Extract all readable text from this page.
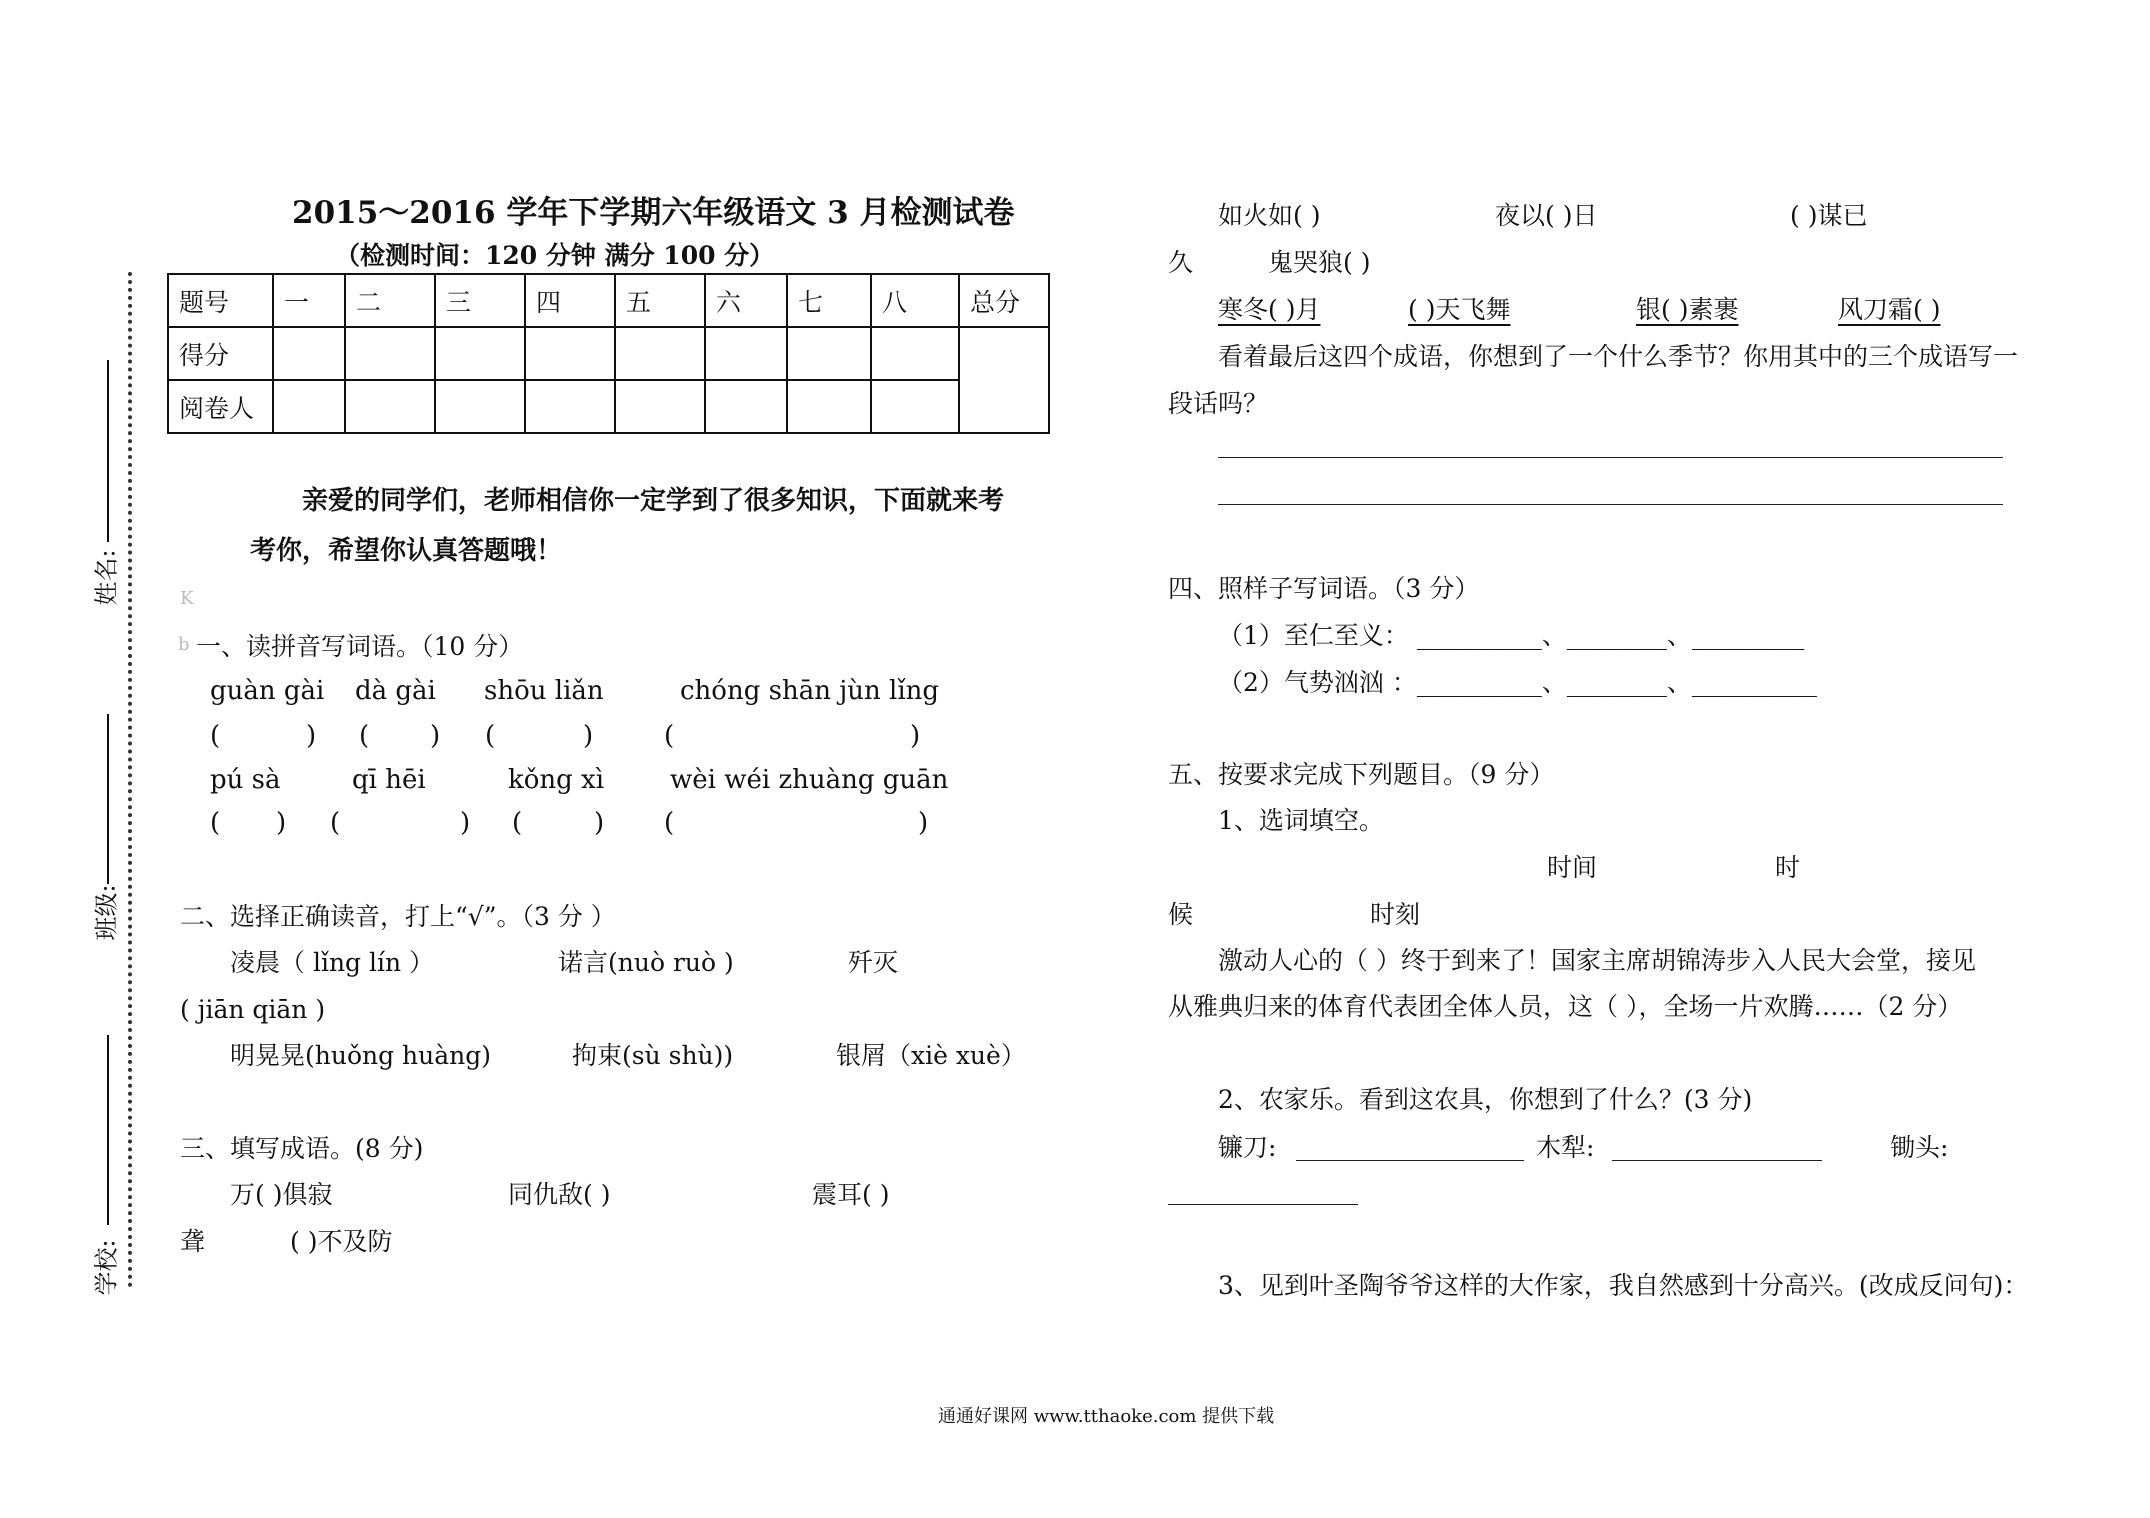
姓名:
班级:
学校:
2015～2016 学年下学期六年级语文 3 月检测试卷
（检测时间：120 分钟 满分 100 分）
题号	一	二	三	四	五	六	七	八	总分
得分									
阅卷人									
亲爱的同学们，老师相信你一定学到了很多知识，下面就来考
考你，希望你认真答题哦！
K
b 一、读拼音写词语。（10 分）
guàn gài dà gài shōu liǎn	chóng shān jùn lǐng
(	) ( ) (	)	(	)
pú sà	qī hēi	kǒng xì	wèi wéi zhuàng guān
( ) (	) (	) (	)
二、选择正确读音，打上“√”。（3 分 ）
凌晨（ lǐng lín ）	诺言(nuò ruò )	歼灭
( jiān qiān )
明晃晃(huǒng huàng)	拘束(sù shù))	银屑（xiè xuè）
三、填写成语。(8 分)
万( )俱寂	同仇敌( )	震耳( )
聋	( )不及防
如火如( )	夜以( )日	( )谋已
久	鬼哭狼( )
寒冬( )月	( )天飞舞	银( )素裹	风刀霜( )
看着最后这四个成语，你想到了一个什么季节？你用其中的三个成语写一
段话吗？
四、照样子写词语。（3 分）
（1）至仁至义： __________、________、_________
（2）气势汹汹 ：__________、________、__________
五、按要求完成下列题目。（9 分）
1、选词填空。
时间	时
候	时刻
激动人心的（ ）终于到来了！国家主席胡锦涛步入人民大会堂，接见
从雅典归来的体育代表团全体人员，这（ ），全场一片欢腾……（2 分）
2、农家乐。看到这农具，你想到了什么？(3 分)
镰刀:	木犁:	锄头:
3、见到叶圣陶爷爷这样的大作家，我自然感到十分高兴。(改成反问句)：
通通好课网 www.tthaoke.com 提供下载
